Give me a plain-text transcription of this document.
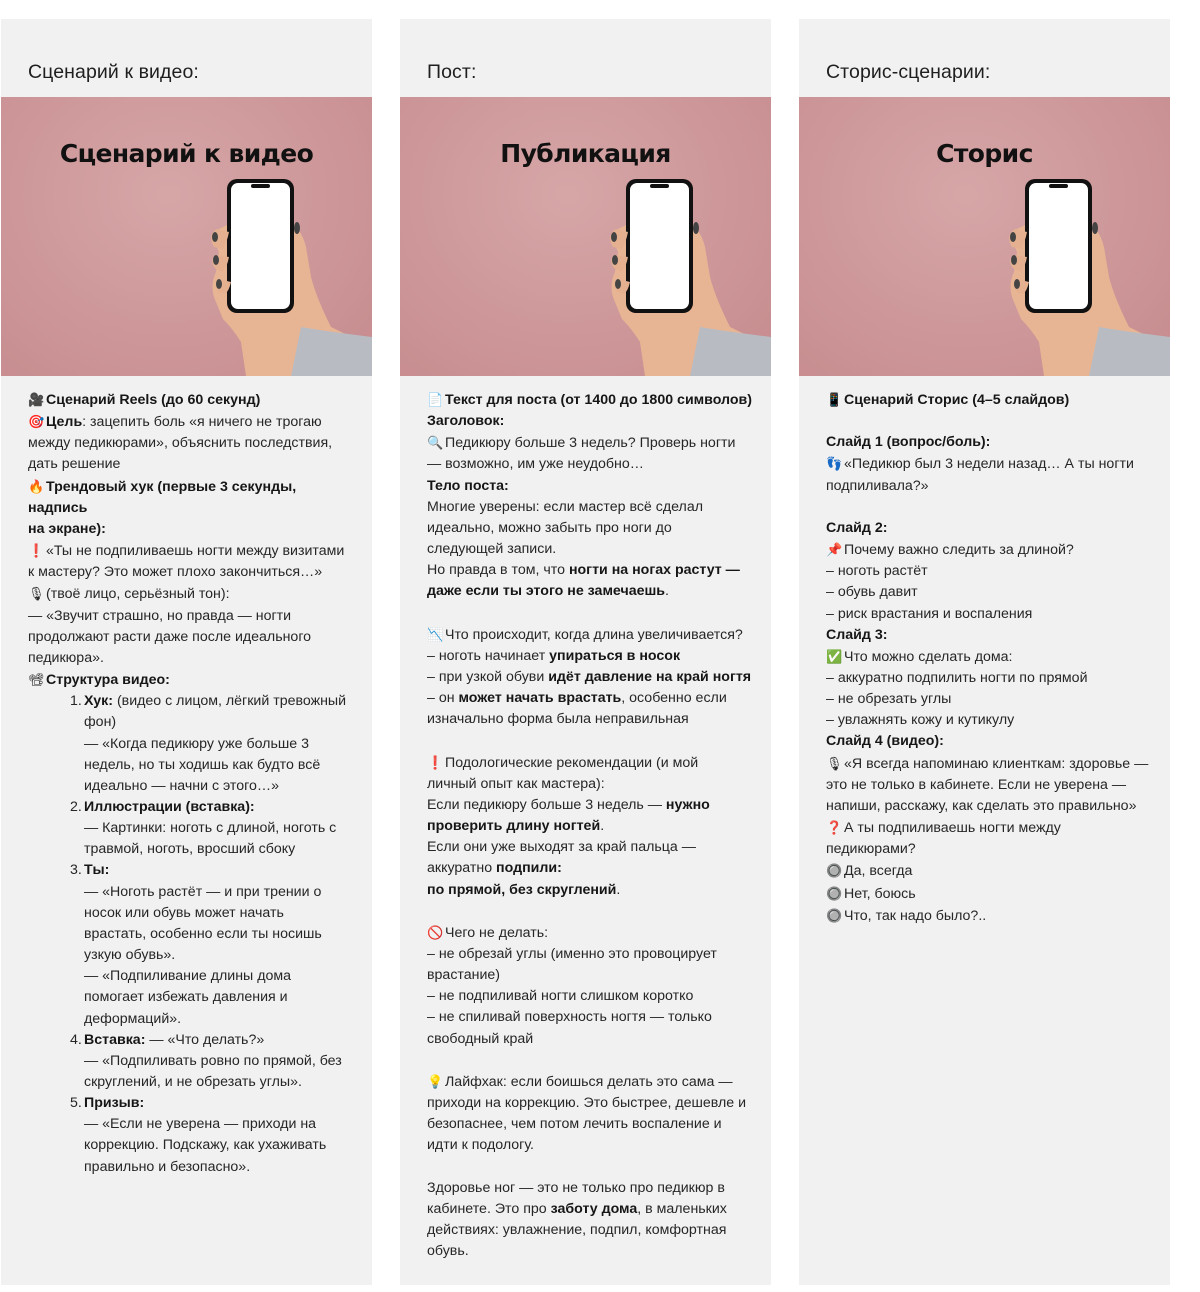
Сценарий к видео:
Сценарий к видео

🎥 Сценарий Reels (до 60 секунд)

🎯 Цель: зацепить боль «я ничего не трогаю

между педикюрами», объяснить последствия,

дать решение

🔥 Трендовый хук (первые 3 секунды, надпись

на экране):

❗ «Ты не подпиливаешь ногти между визитами

к мастеру? Это может плохо закончиться…»

🎙(твоё лицо, серьёзный тон):

— «Звучит страшно, но правда — ногти

продолжают расти даже после идеального

педикюра».

📽Структура видео:

1. Хук: (видео с лицом, лёгкий тревожный

фон)

— «Когда педикюру уже больше 3

недель, но ты ходишь как будто всё

идеально — начни с этого…»

2. Иллюстрации (вставка):

— Картинки: ноготь с длиной, ноготь с

травмой, ноготь, вросший сбоку

3. Ты:

— «Ноготь растёт — и при трении о

носок или обувь может начать

врастать, особенно если ты носишь

узкую обувь».

— «Подпиливание длины дома

помогает избежать давления и

деформаций».

4. Вставка: — «Что делать?»

— «Подпиливать ровно по прямой, без

скруглений, и не обрезать углы».

5. Призыв:

— «Если не уверена — приходи на

коррекцию. Подскажу, как ухаживать

правильно и безопасно».

Пост:
Публикация

📄 Текст для поста (от 1400 до 1800 символов)

Заголовок:

🔍 Педикюру больше 3 недель? Проверь ногти

— возможно, им уже неудобно…

Тело поста:

Многие уверены: если мастер всё сделал

идеально, можно забыть про ноги до

следующей записи.

Но правда в том, что ногти на ногах растут —

даже если ты этого не замечаешь.

📉 Что происходит, когда длина увеличивается?

– ноготь начинает упираться в носок

– при узкой обуви идёт давление на край ногтя

– он может начать врастать, особенно если

изначально форма была неправильная

❗ Подологические рекомендации (и мой

личный опыт как мастера):

Если педикюру больше 3 недель — нужно

проверить длину ногтей.

Если они уже выходят за край пальца —

аккуратно подпили:

по прямой, без скруглений.

🚫 Чего не делать:

– не обрезай углы (именно это провоцирует

врастание)

– не подпиливай ногти слишком коротко

– не спиливай поверхность ногтя — только

свободный край

💡 Лайфхак: если боишься делать это сама —

приходи на коррекцию. Это быстрее, дешевле и

безопаснее, чем потом лечить воспаление и

идти к подологу.

Здоровье ног — это не только про педикюр в

кабинете. Это про заботу дома, в маленьких

действиях: увлажнение, подпил, комфортная

обувь.

Сторис-сценарии:
Сторис

📱 Сценарий Сторис (4–5 слайдов)

Слайд 1 (вопрос/боль):

👣 «Педикюр был 3 недели назад… А ты ногти

подпиливала?»

Слайд 2:

📌 Почему важно следить за длиной?

– ноготь растёт

– обувь давит

– риск врастания и воспаления

Слайд 3:

✅ Что можно сделать дома:

– аккуратно подпилить ногти по прямой

– не обрезать углы

– увлажнять кожу и кутикулу

Слайд 4 (видео):

🎙«Я всегда напоминаю клиенткам: здоровье —

это не только в кабинете. Если не уверена —

напиши, расскажу, как сделать это правильно»

❓ А ты подпиливаешь ногти между

педикюрами?

🔘 Да, всегда

🔘 Нет, боюсь

🔘 Что, так надо было?..
